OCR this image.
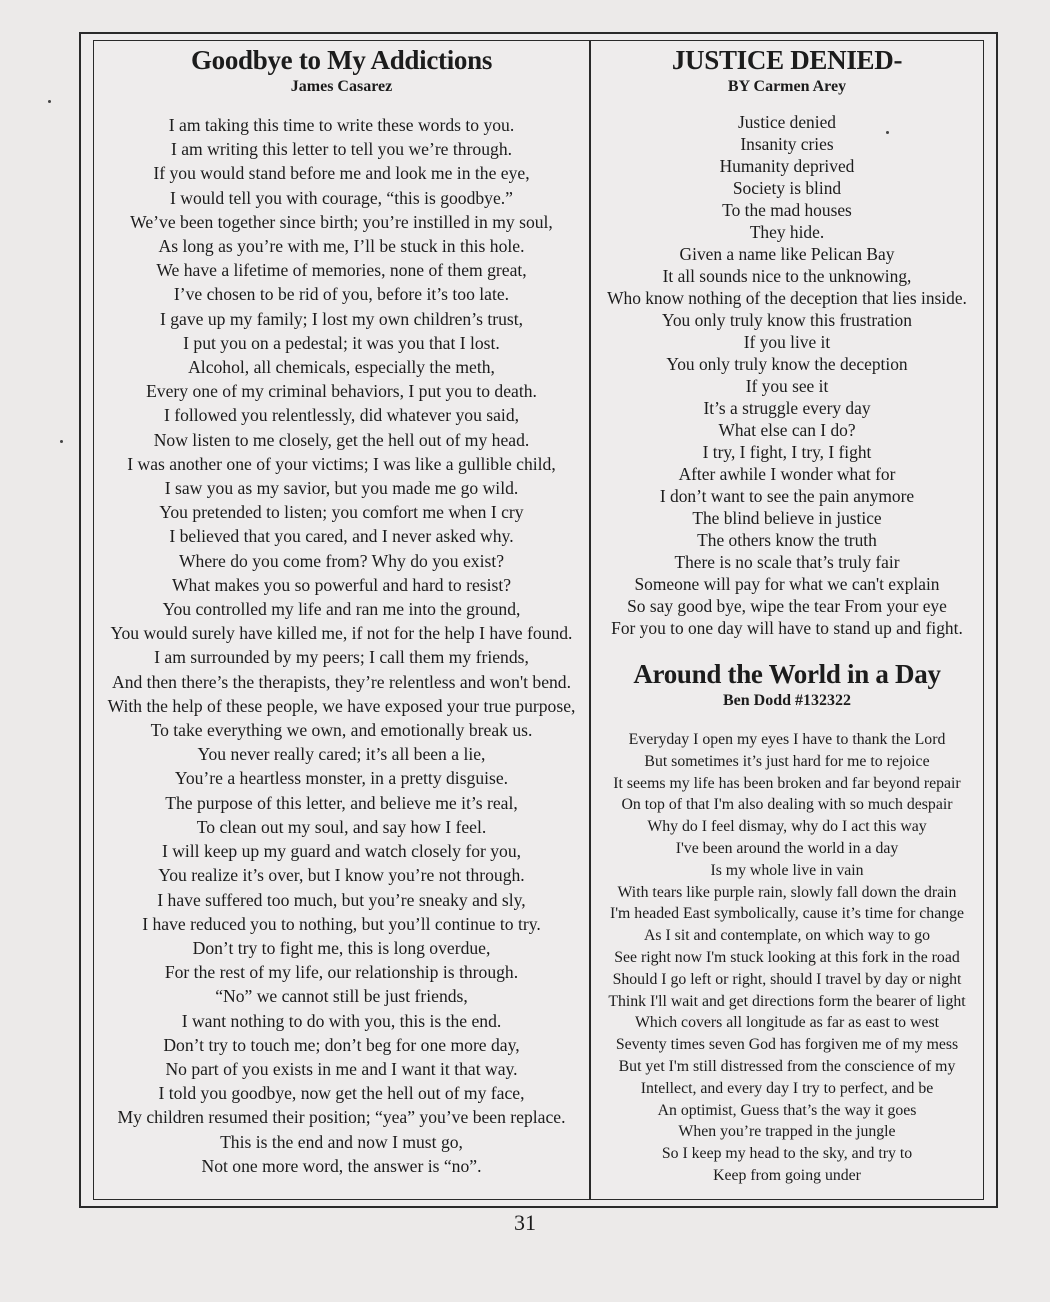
Goodbye to My Addictions
James Casarez
I am taking this time to write these words to you.
I am writing this letter to tell you we’re through.
If you would stand before me and look me in the eye,
I would tell you with courage, “this is goodbye.”
We’ve been together since birth; you’re instilled in my soul,
As long as you’re with me, I’ll be stuck in this hole.
We have a lifetime of memories, none of them great,
I’ve chosen to be rid of you, before it’s too late.
I gave up my family; I lost my own children’s trust,
I put you on a pedestal; it was you that I lost.
Alcohol, all chemicals, especially the meth,
Every one of my criminal behaviors, I put you to death.
I followed you relentlessly, did whatever you said,
Now listen to me closely, get the hell out of my head.
I was another one of your victims; I was like a gullible child,
I saw you as my savior, but you made me go wild.
You pretended to listen; you comfort me when I cry
I believed that you cared, and I never asked why.
Where do you come from? Why do you exist?
What makes you so powerful and hard to resist?
You controlled my life and ran me into the ground,
You would surely have killed me, if not for the help I have found.
I am surrounded by my peers; I call them my friends,
And then there’s the therapists, they’re relentless and won't bend.
With the help of these people, we have exposed your true purpose,
To take everything we own, and emotionally break us.
You never really cared; it’s all been a lie,
You’re a heartless monster, in a pretty disguise.
The purpose of this letter, and believe me it’s real,
To clean out my soul, and say how I feel.
I will keep up my guard and watch closely for you,
You realize it’s over, but I know you’re not through.
I have suffered too much, but you’re sneaky and sly,
I have reduced you to nothing, but you’ll continue to try.
Don’t try to fight me, this is long overdue,
For the rest of my life, our relationship is through.
“No” we cannot still be just friends,
I want nothing to do with you, this is the end.
Don’t try to touch me; don’t beg for one more day,
No part of you exists in me and I want it that way.
I told you goodbye, now get the hell out of my face,
My children resumed their position; “yea” you’ve been replace.
This is the end and now I must go,
Not one more word, the answer is “no”.
JUSTICE DENIED-
BY Carmen Arey
Justice denied
Insanity cries
Humanity deprived
Society is blind
To the mad houses
They hide.
Given a name like Pelican Bay
It all sounds nice to the unknowing,
Who know nothing of the deception that lies inside.
You only truly know this frustration
If you live it
You only truly know the deception
If you see it
It’s a struggle every day
What else can I do?
I try, I fight, I try, I fight
After awhile I wonder what for
I don’t want to see the pain anymore
The blind believe in justice
The others know the truth
There is no scale that’s truly fair
Someone will pay for what we can't explain
So say good bye, wipe the tear From your eye
For you to one day will have to stand up and fight.
Around the World in a Day
Ben Dodd #132322
Everyday I open my eyes I have to thank the Lord
But sometimes it’s just hard for me to rejoice
It seems my life has been broken and far beyond repair
On top of that I'm also dealing with so much despair
Why do I feel dismay, why do I act this way
I've been around the world in a day
Is my whole live in vain
With tears like purple rain, slowly fall down the drain
I'm headed East symbolically, cause it’s time for change
As I sit and contemplate, on which way to go
See right now I'm stuck looking at this fork in the road
Should I go left or right, should I travel by day or night
Think I'll wait and get directions form the bearer of light
Which covers all longitude as far as east to west
Seventy times seven God has forgiven me of my mess
But yet I'm still distressed from the conscience of my
Intellect, and every day I try to perfect, and be
An optimist, Guess that’s the way it goes
When you’re trapped in the jungle
So I keep my head to the sky, and try to
Keep from going under
31
